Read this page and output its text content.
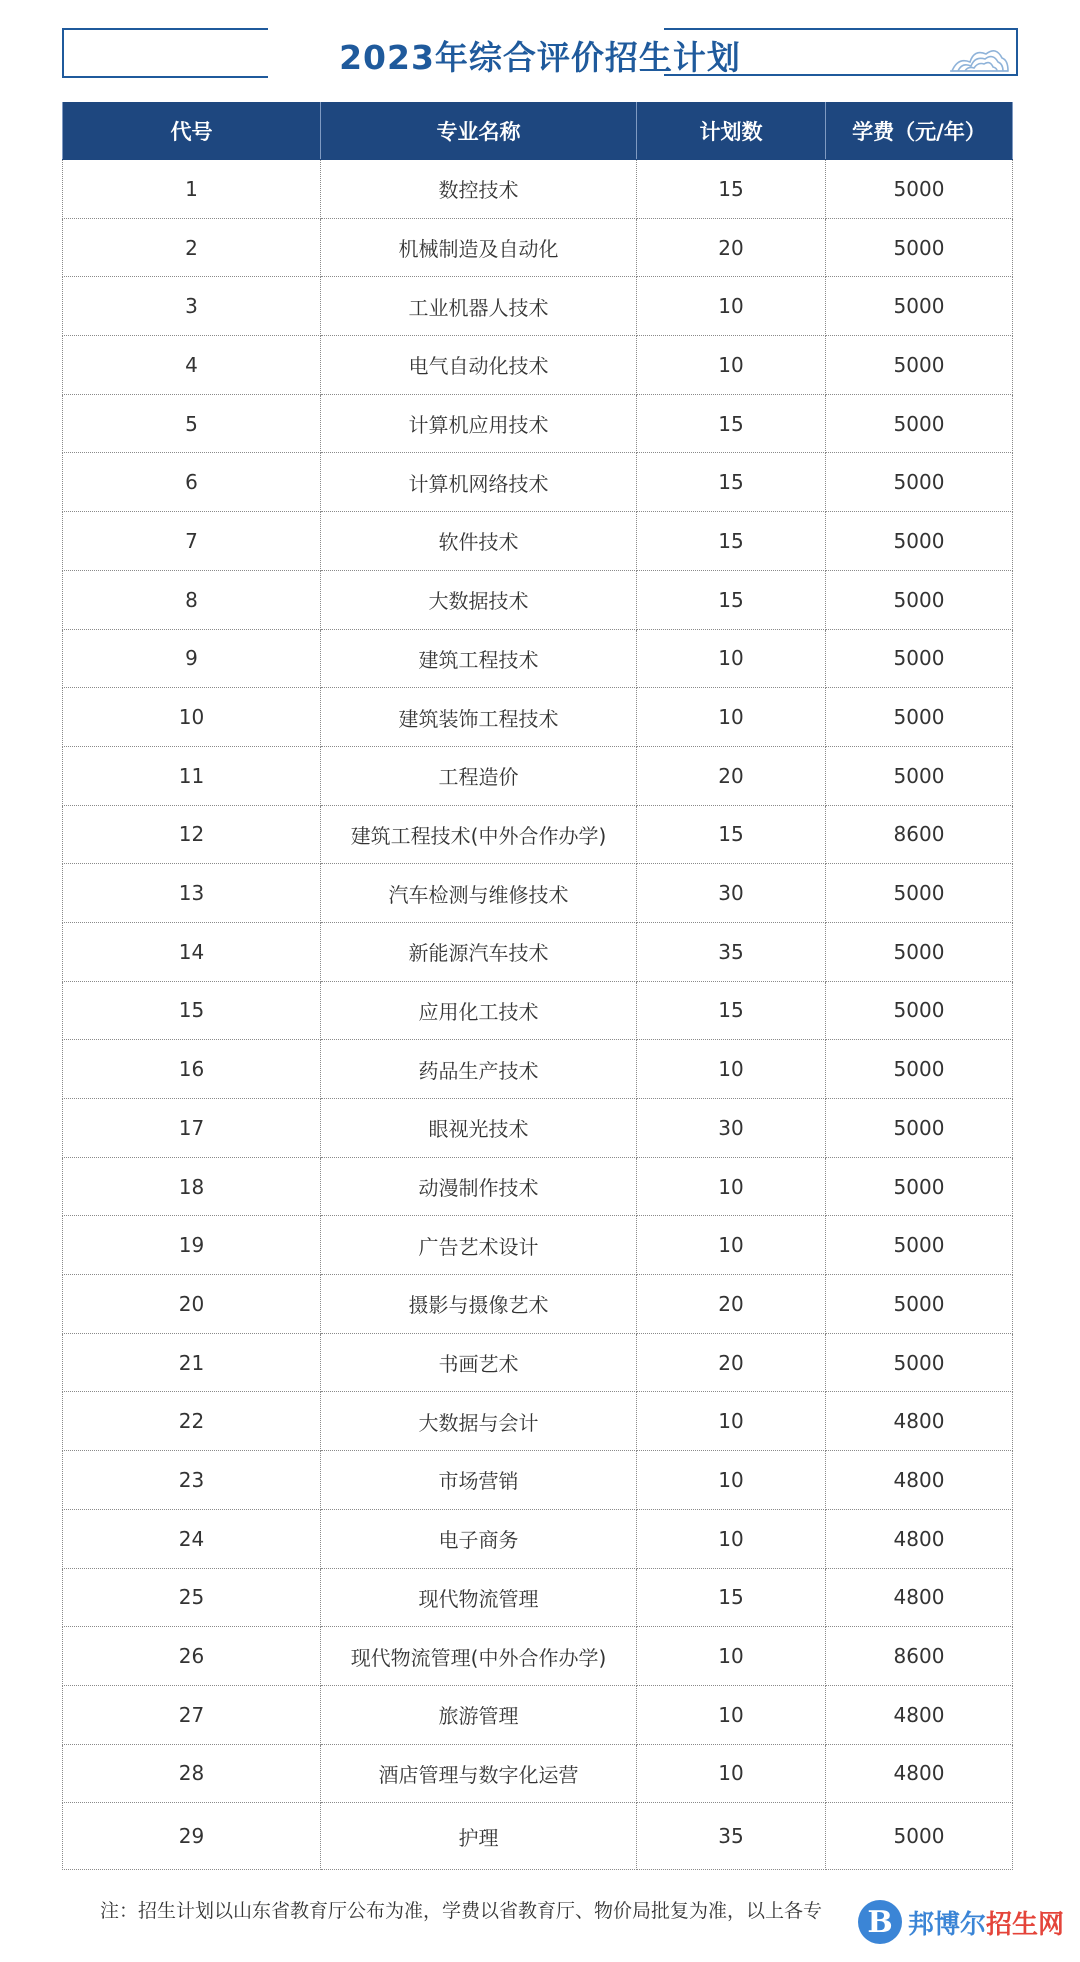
2023年综合评价招生计划
代号	专业名称	计划数	学费（元/年）
1	数控技术	15	5000
2	机械制造及自动化	20	5000
3	工业机器人技术	10	5000
4	电气自动化技术	10	5000
5	计算机应用技术	15	5000
6	计算机网络技术	15	5000
7	软件技术	15	5000
8	大数据技术	15	5000
9	建筑工程技术	10	5000
10	建筑装饰工程技术	10	5000
11	工程造价	20	5000
12	建筑工程技术(中外合作办学)	15	8600
13	汽车检测与维修技术	30	5000
14	新能源汽车技术	35	5000
15	应用化工技术	15	5000
16	药品生产技术	10	5000
17	眼视光技术	30	5000
18	动漫制作技术	10	5000
19	广告艺术设计	10	5000
20	摄影与摄像艺术	20	5000
21	书画艺术	20	5000
22	大数据与会计	10	4800
23	市场营销	10	4800
24	电子商务	10	4800
25	现代物流管理	15	4800
26	现代物流管理(中外合作办学)	10	8600
27	旅游管理	10	4800
28	酒店管理与数字化运营	10	4800
29	护理	35	5000
注：招生计划以山东省教育厅公布为准，学费以省教育厅、物价局批复为准，以上各专	B 邦博尔招生网
